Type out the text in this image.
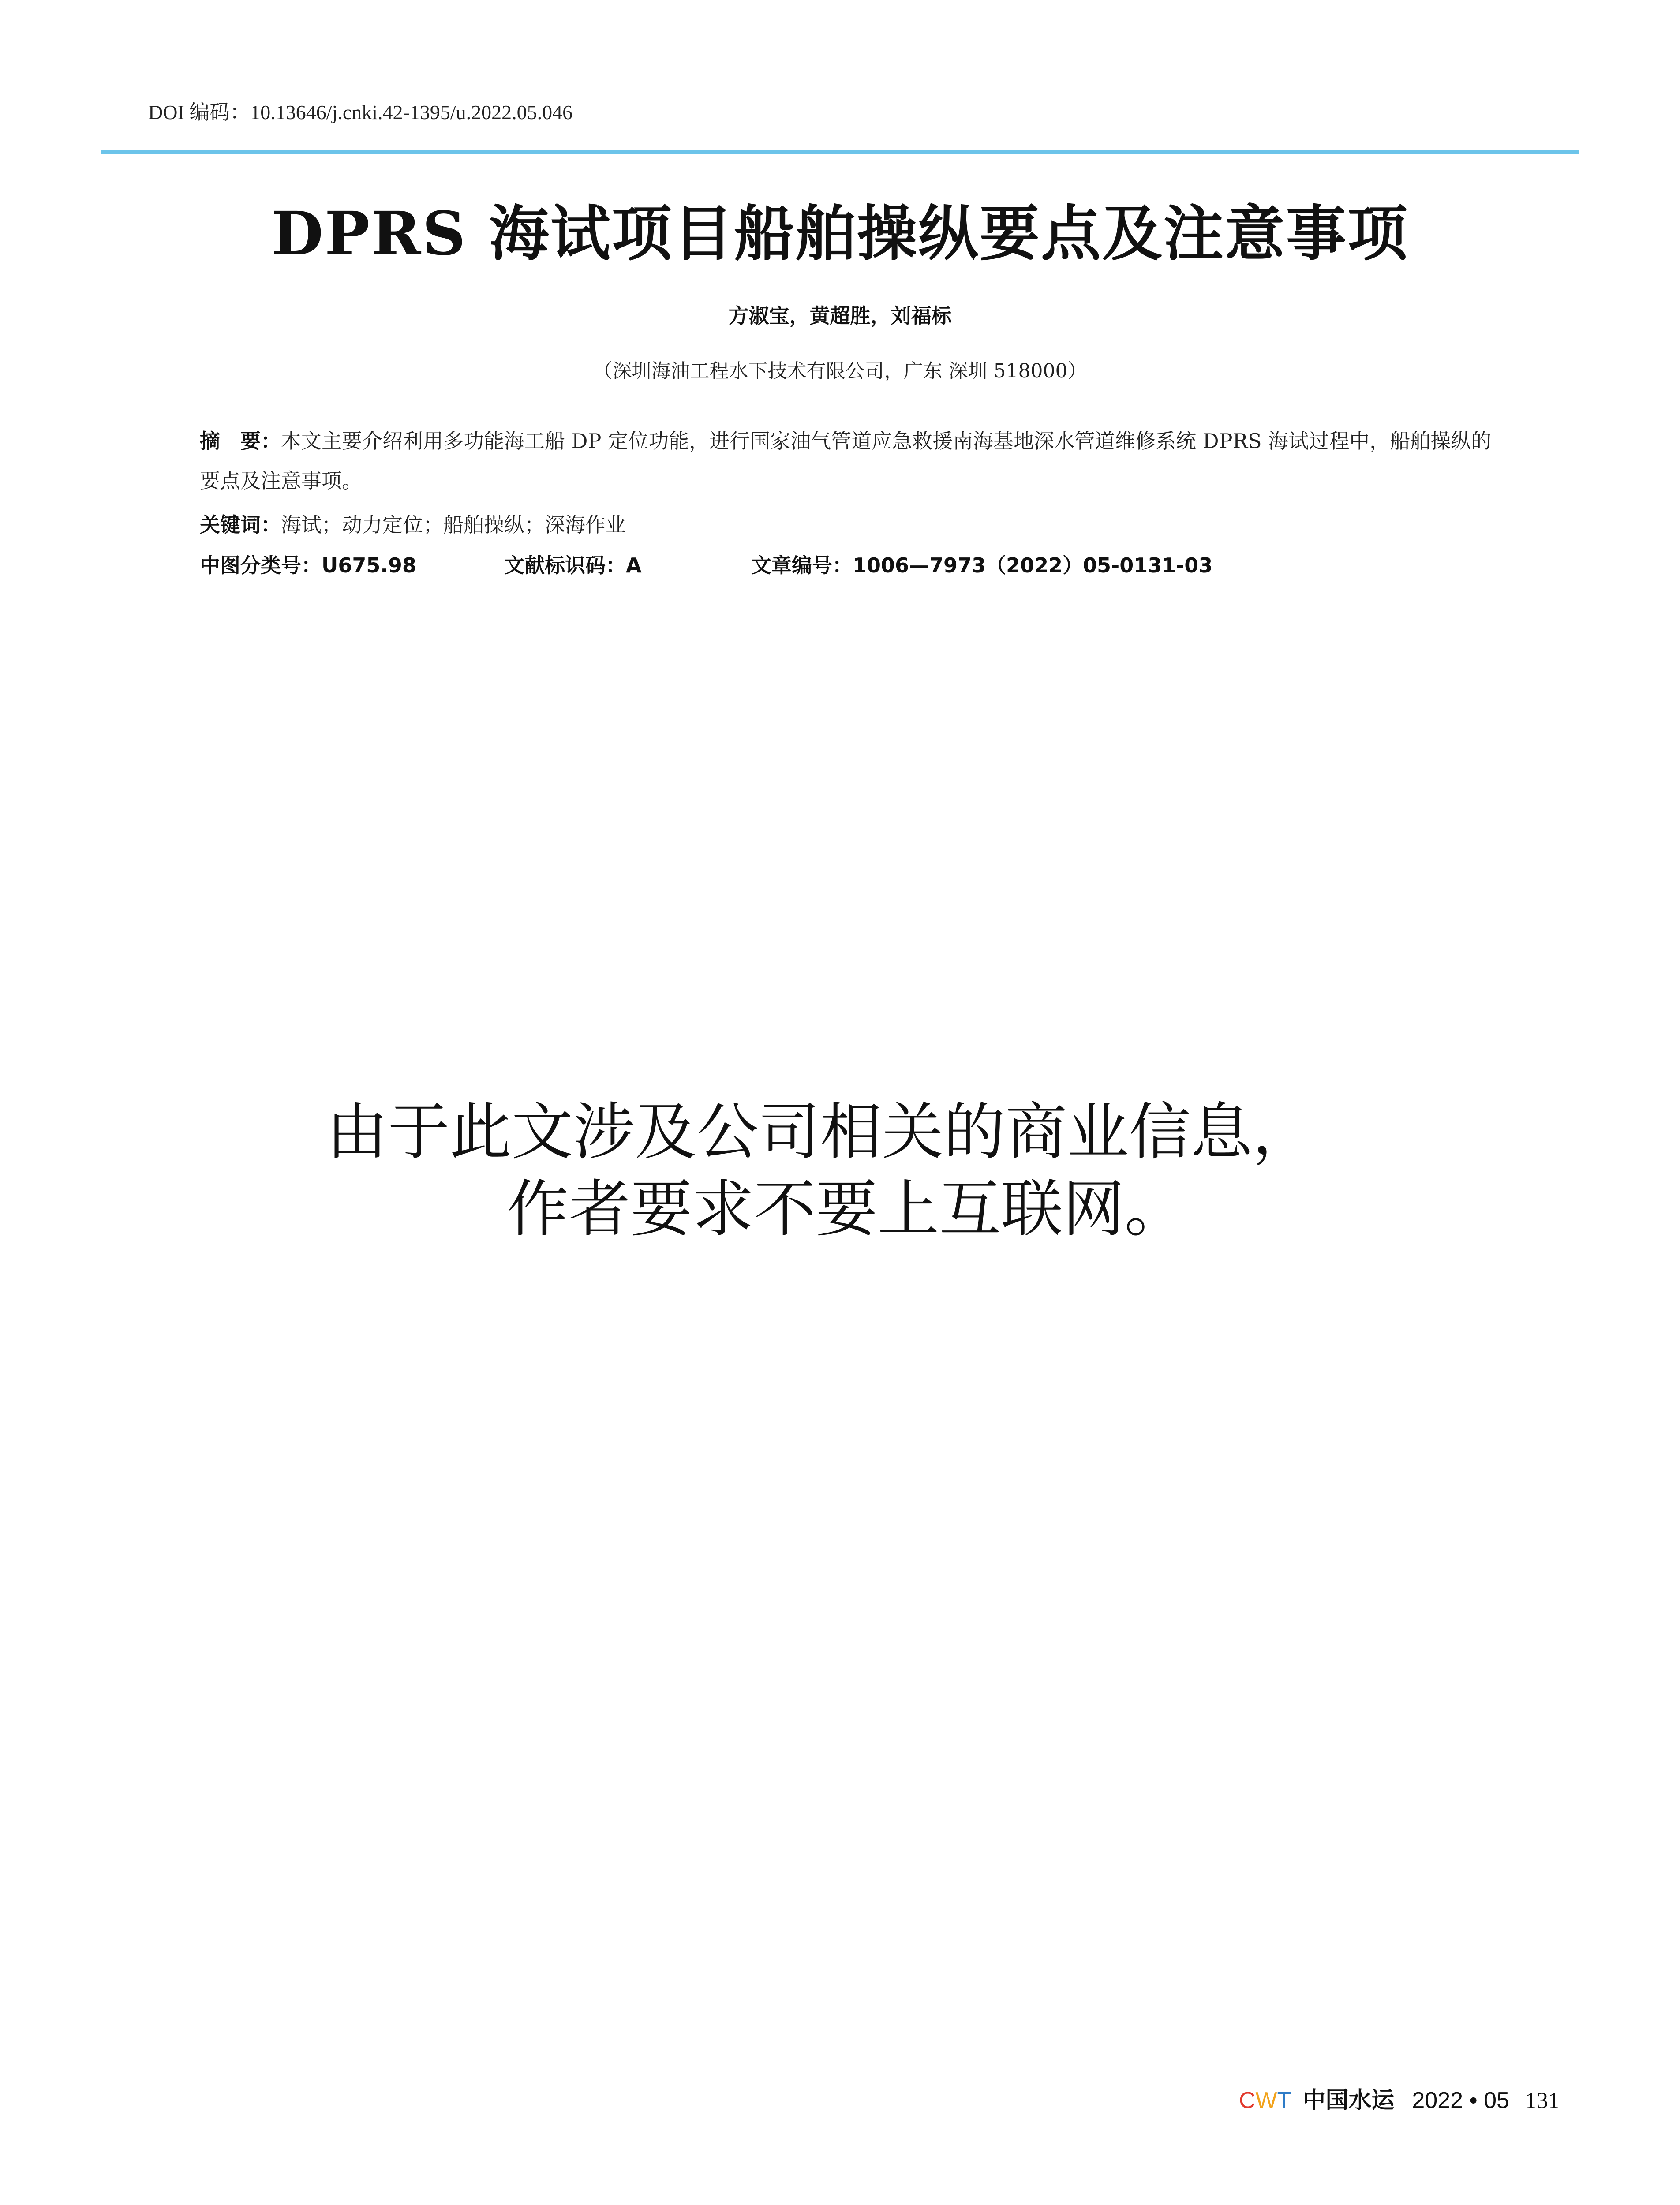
DOI 编码：10.13646/j.cnki.42-1395/u.2022.05.046
DPRS 海试项目船舶操纵要点及注意事项
方淑宝，黄超胜，刘福标
（深圳海油工程水下技术有限公司，广东 深圳 518000）
摘　要：本文主要介绍利用多功能海工船 DP 定位功能，进行国家油气管道应急救援南海基地深水管道维修系统 DPRS 海试过程中，船舶操纵的要点及注意事项。
关键词：海试；动力定位；船舶操纵；深海作业
中图分类号：U675.98	文献标识码：A	文章编号：1006—7973（2022）05-0131-03
由于此文涉及公司相关的商业信息，
作者要求不要上互联网。
CWT 中国水运 2022 • 05 131
